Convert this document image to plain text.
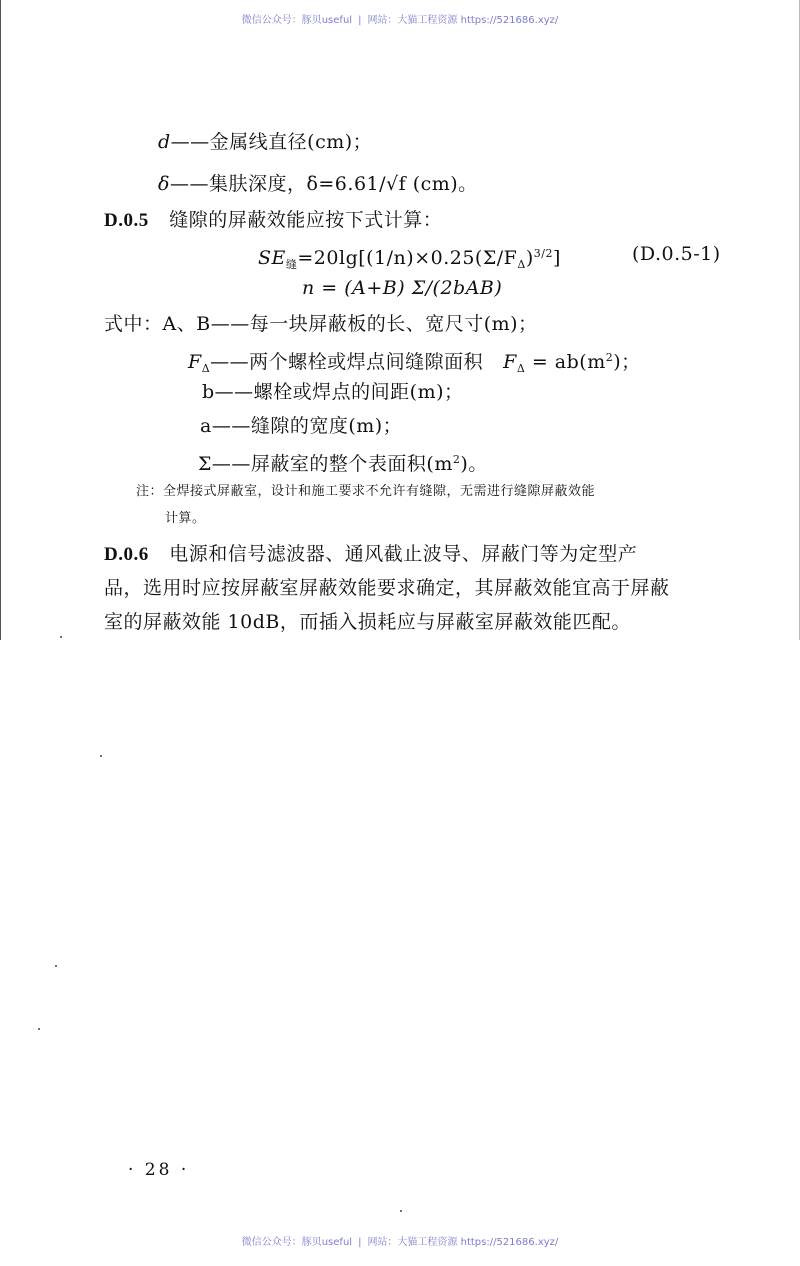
微信公众号：豚贝useful | 网站：大猫工程资源 https://521686.xyz/
d——金属线直径(cm)；
δ——集肤深度，δ=6.61/√f (cm)。
D.0.5 缝隙的屏蔽效能应按下式计算：
$SE_缝=20\lg[(1/n)\times 0.25(\Sigma/F_\Delta)^{3/2}]$	(D.0.5-1)
n = (A+B) Σ/(2bAB)
式中：A、B——每一块屏蔽板的长、宽尺寸(m)；
$F_\Delta——$两个螺栓或焊点间缝隙面积 $F_\Delta = ab(m^2)$；
b——螺栓或焊点的间距(m)；
a——缝隙的宽度(m)；
Σ——屏蔽室的整个表面积$(m^2)$。
注：全焊接式屏蔽室，设计和施工要求不允许有缝隙，无需进行缝隙屏蔽效能
计算。
D.0.6 电源和信号滤波器、通风截止波导、屏蔽门等为定型产
品，选用时应按屏蔽室屏蔽效能要求确定，其屏蔽效能宜高于屏蔽
室的屏蔽效能 10dB，而插入损耗应与屏蔽室屏蔽效能匹配。
· 28 ·
微信公众号：豚贝useful | 网站：大猫工程资源 https://521686.xyz/
